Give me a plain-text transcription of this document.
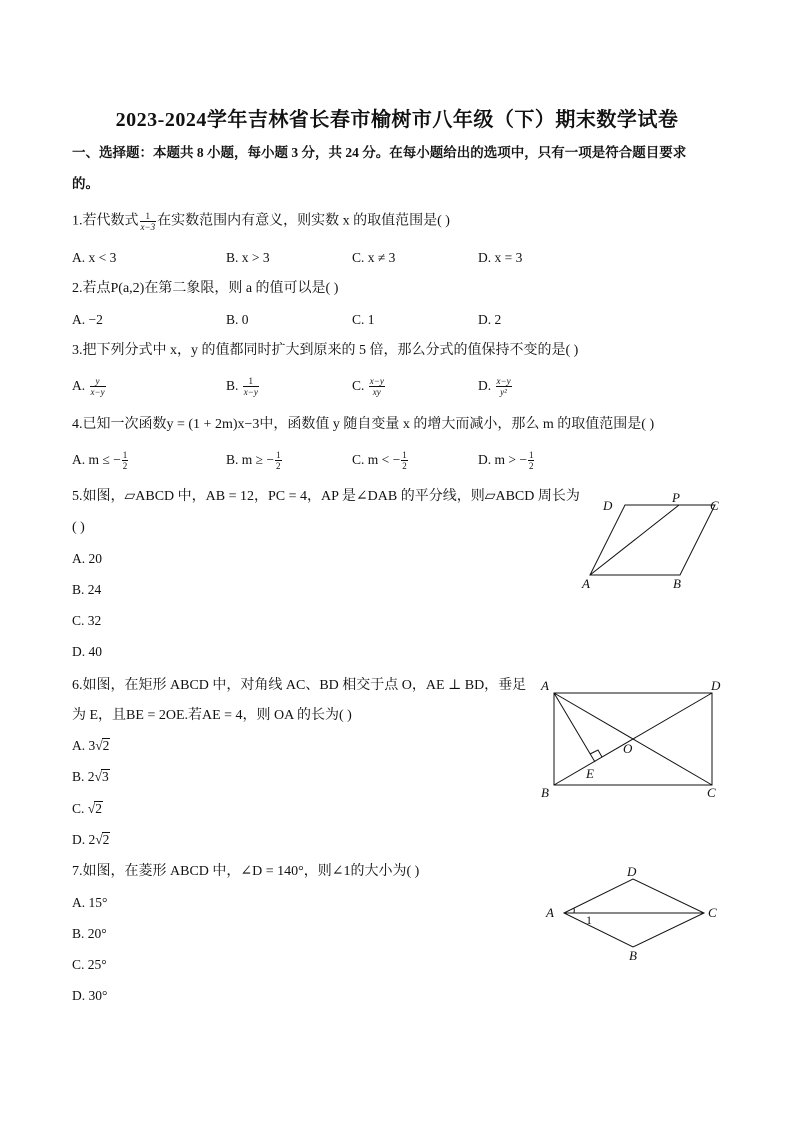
2023-2024学年吉林省长春市榆树市八年级（下）期末数学试卷
一、选择题：本题共 8 小题，每小题 3 分，共 24 分。在每小题给出的选项中，只有一项是符合题目要求
的。
1.若代数式 $\frac{1}{x-3}$ 在实数范围内有意义，则实数 x 的取值范围是( )
A. x < 3	B. x > 3	C. x ≠ 3	D. x = 3
2.若点P(a,2)在第二象限，则 a 的值可以是( )
A. −2	B. 0	C. 1	D. 2
3.把下列分式中 x，y 的值都同时扩大到原来的 5 倍，那么分式的值保持不变的是( )
A. $\frac{y}{x-y}$	B. $\frac{1}{x-y}$	C. $\frac{x-y}{xy}$	D. $\frac{x-y}{\text{y²}}$
4.已知一次函数y = (1 + 2m)x−3中，函数值 y 随自变量 x 的增大而减小，那么 m 的取值范围是( )
A. m ≤ − $\frac{1}{2}$	B. m ≥ − $\frac{1}{2}$	C. m < − $\frac{1}{2}$	D. m > − $\frac{1}{2}$
5.如图，▱ABCD 中，AB = 12，PC = 4，AP 是∠DAB 的平分线，则▱ABCD 周长为
( )
A. 20
B. 24
C. 32
D. 40
D
P
C
A	B
6.如图，在矩形 ABCD 中，对角线 AC、BD 相交于点 O，AE ⊥ BD，垂足
为 E，且BE = 2OE.若AE = 4，则 OA 的长为( )
A. 3√2
B. 2√3
C. √2
D. 2√2
A	D
O
E
B	C
7.如图，在菱形 ABCD 中，∠D = 140°，则∠1的大小为( )
A. 15°
B. 20°
C. 25°
D. 30°
D
A	C
B
1
